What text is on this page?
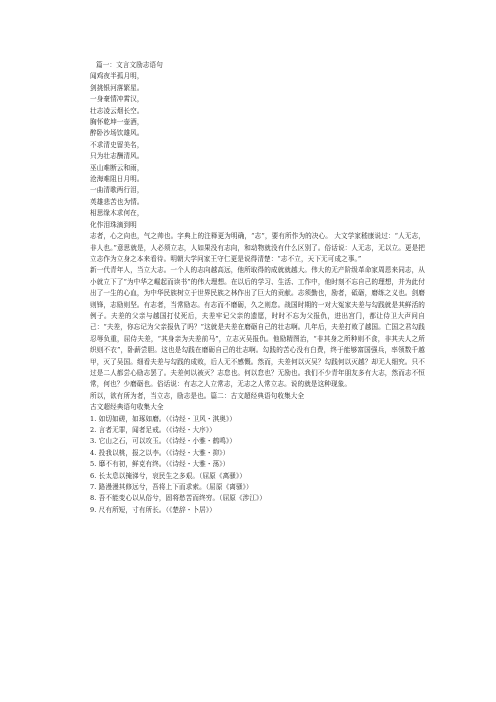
篇一：文言文励志语句
闻鸡夜半孤月明，
剑挑银河落繁星。
一身豪情冲霄汉，
壮志凌云烟长空。
胸怀乾坤一壶酒，
醉卧沙场饮雄风。
不求清史留美名，
只为壮志酬清风。
巫山难断云和雨，
沧海难阻日月明。
一曲清歌两行泪，
英雄悲苦也为情。
相思缘木求何在，
化作泪珠滴到明
志者，心之向也，气之帅也。字典上的注释更为明确，“志”，要有所作为的决心。 大文学家嵇康说过：“人无志，非人也。”意思就是，人必须立志，人如果没有志向，和动物就没有什么区别了。俗话说：人无志，无以立。更是把立志作为立身之本来看待。明朝大学问家王守仁更是说得清楚：“志不立，天下无可成之事。”
新一代青年人，当立大志。一个人的志向越高远，他所取得的成就就越大。伟大的无产阶级革命家周恩来同志，从小就立下了“为中华之崛起而读书”的伟大理想。在以后的学习、生活、工作中，他时刻不忘自己的理想，并为此付出了一生的心血，为中华民族树立于世界民族之林作出了巨大的贡献。志须勤也，励者，砥砺，磨练之义也。剑磨则锋，志励则坚。有志者，当常励志。有志而不磨砺，久之则怠。战国时期的一对大冤家夫差与勾践就是其鲜活的例子。夫差的父亲与越国打仗死后，夫差牢记父亲的遗愿，时时不忘为父报仇，进出宫门，都让侍卫大声问自己：“夫差，你忘记为父亲报仇了吗？”这就是夫差在磨砺自己的壮志啊。几年后，夫差打败了越国。亡国之君勾践忍辱负重，屈侍夫差，“其身亲为夫差前马”，立志灭吴报仇。他励精图治，“非其身之所种则不食，非其夫人之所织则不衣”，卧薪尝胆。这也是勾践在磨砺自己的壮志啊。勾践的苦心没有白费，终于能够富国强兵，率领数千越甲，灭了吴国。细看夫差与勾践的成败，后人无不感慨。然而，夫差何以灭吴？勾践何以灭越？却无人细究。只不过是二人都尝心励志罢了。夫差何以被灭？志怠也。何以怠也？无励也。我们不少青年朋友多有大志，然而志不恒常，何也？少磨砺也。俗话说：有志之人立常志，无志之人常立志。说的就是这种现象。
所以，欲有所为者，当立志，励志是也。篇二：古文超经典语句收集大全
古文超经典语句收集大全
1. 如切如磋，如琢如磨。（《诗经・卫风・淇奥》）
2. 言者无罪，闻者足戒。（《诗经・大序》）
3. 它山之石，可以攻玉。（《诗经・小雅・鹤鸣》）
4. 投我以桃，报之以李。（《诗经・大雅・抑》）
5. 靡不有初，鲜克有终。（《诗经・大雅・荡》）
6. 长太息以掩涕兮，哀民生之多艰。（屈原《离骚》）
7. 路漫漫其修远兮，吾将上下而求索。（屈原《离骚》）
8. 吾不能变心以从俗兮，固将愁苦而终穷。（屈原《涉江》）
9. 尺有所短，寸有所长。（《楚辞・卜居》）
